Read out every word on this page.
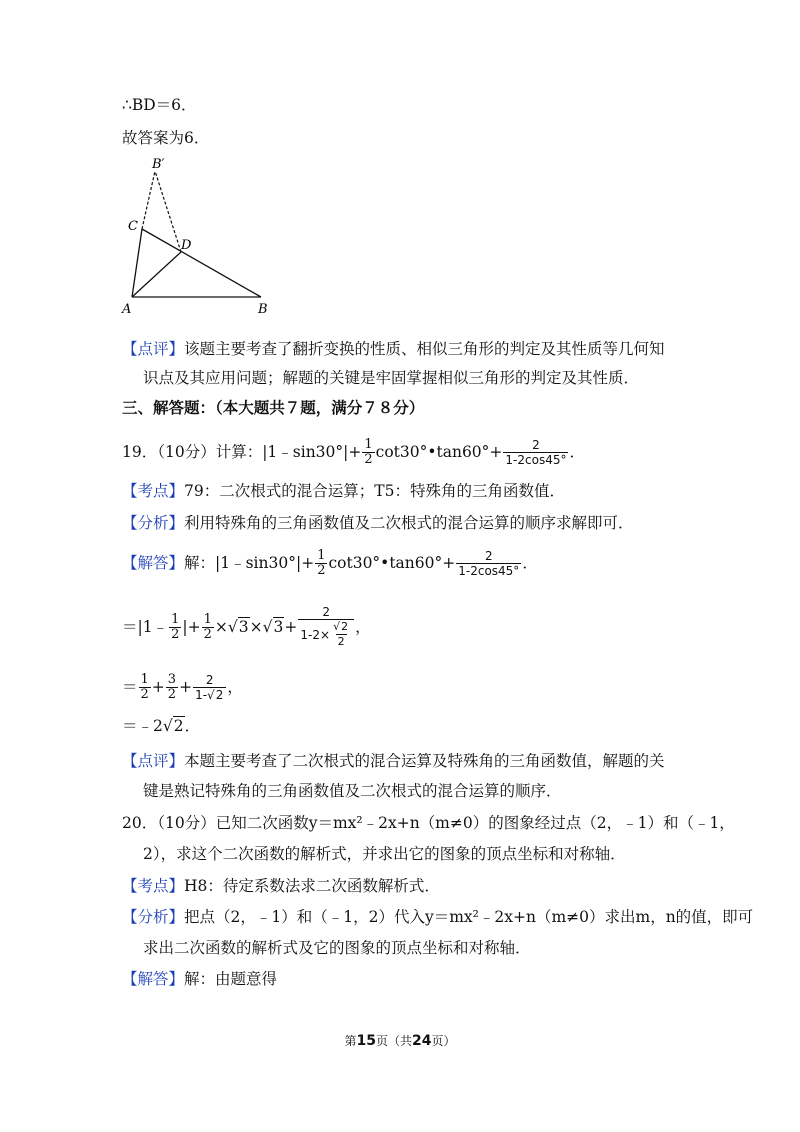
∴BD＝6．
故答案为6．
B′
C
D
A	B
【点评】该题主要考查了翻折变换的性质、相似三角形的判定及其性质等几何知
识点及其应用问题；解题的关键是牢固掌握相似三角形的判定及其性质．
三、解答题：（本大题共７题，满分７８分）
19．（10分）计算：|1﹣sin30°|+ $\frac{1}{2}$ cot30°•tan60°+ $\frac{2}{1-2\cos 45^\circ}$ ．
【考点】79：二次根式的混合运算；T5：特殊角的三角函数值．
【分析】利用特殊角的三角函数值及二次根式的混合运算的顺序求解即可．
【解答】 解：|1﹣sin30°|+ $\frac{1}{2}$ cot30°•tan60°+ $\frac{2}{1-2\cos 45^\circ}$ ．
＝|1﹣ $\frac{1}{2}$ |+ $\frac{1}{2} \times √3 \times √3 + \frac{2}{1-2\times \frac{√2}{2}}$ ，
＝ $\frac{1}{2} + \frac{3}{2} + \frac{2}{1-√2}$ ，
＝﹣2√2．
【点评】本题主要考查了二次根式的混合运算及特殊角的三角函数值，解题的关
键是熟记特殊角的三角函数值及二次根式的混合运算的顺序．
20．（10分）已知二次函数y＝mx²﹣2x+n（m≠0）的图象经过点（2，﹣1）和（﹣1，
2），求这个二次函数的解析式，并求出它的图象的顶点坐标和对称轴．
【考点】H8：待定系数法求二次函数解析式．
【分析】把点（2，﹣1）和（﹣1，2）代入y＝mx²﹣2x+n（m≠0）求出m，n的值，即可
求出二次函数的解析式及它的图象的顶点坐标和对称轴．
【解答】解：由题意得
第15页（共24页）
